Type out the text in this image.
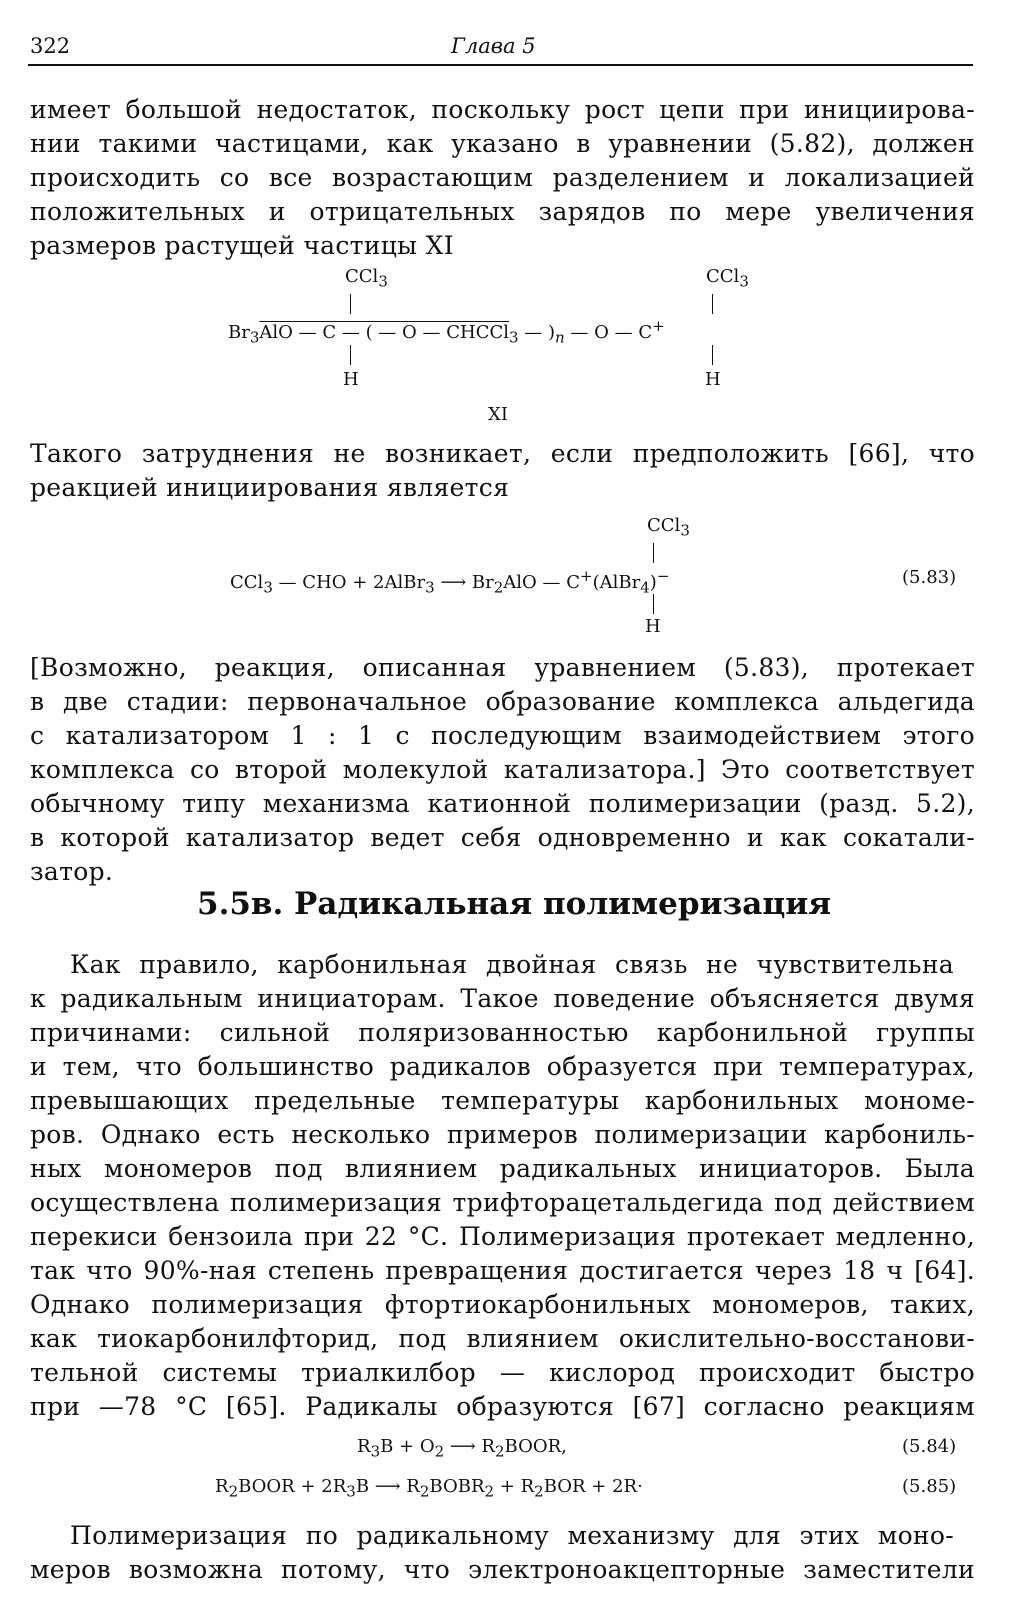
322	Глава 5
имеет большой недостаток, поскольку рост цепи при инициирова-
нии такими частицами, как указано в уравнении (5.82), должен
происходить со все возрастающим разделением и локализацией
положительных и отрицательных зарядов по мере увеличения
размеров растущей частицы XI
CCl$_3$	CCl$_3$
$Br_3AlO$ — C — ( — O — CHCCl$_3$ — )$_n$ — O — C+
H	H
XI
Такого затруднения не возникает, если предположить [66], что
реакцией инициирования является
CCl$_3$
CCl$_3$ — CHO + 2AlBr$_3$ ⟶ $Br_2AlO$ — C+(AlBr$_4$)−	(5.83)
H
[Возможно, реакция, описанная уравнением (5.83), протекает
в две стадии: первоначальное образование комплекса альдегида
с катализатором 1 : 1 с последующим взаимодействием этого
комплекса со второй молекулой катализатора.] Это соответствует
обычному типу механизма катионной полимеризации (разд. 5.2),
в которой катализатор ведет себя одновременно и как сокатали-
затор.
5.5в. Радикальная полимеризация
Как правило, карбонильная двойная связь не чувствительна
к радикальным инициаторам. Такое поведение объясняется двумя
причинами: сильной поляризованностью карбонильной группы
и тем, что большинство радикалов образуется при температурах,
превышающих предельные температуры карбонильных мономе-
ров. Однако есть несколько примеров полимеризации карбониль-
ных мономеров под влиянием радикальных инициаторов. Была
осуществлена полимеризация трифторацетальдегида под действием
перекиси бензоила при 22 °С. Полимеризация протекает медленно,
так что 90%-ная степень превращения достигается через 18 ч [64].
Однако полимеризация фтортиокарбонильных мономеров, таких,
как тиокарбонилфторид, под влиянием окислительно-восстанови-
тельной системы триалкилбор — кислород происходит быстро
при —78 °С [65]. Радикалы образуются [67] согласно реакциям
$R_3B + O_2$ ⟶ $R_2BOOR$,	(5.84)
$R_2BOOR + 2R_3B$ ⟶ $R_2BOBR_2 + R_2BOR + 2R\cdot$	(5.85)
Полимеризация по радикальному механизму для этих моно-
меров возможна потому, что электроноакцепторные заместители
